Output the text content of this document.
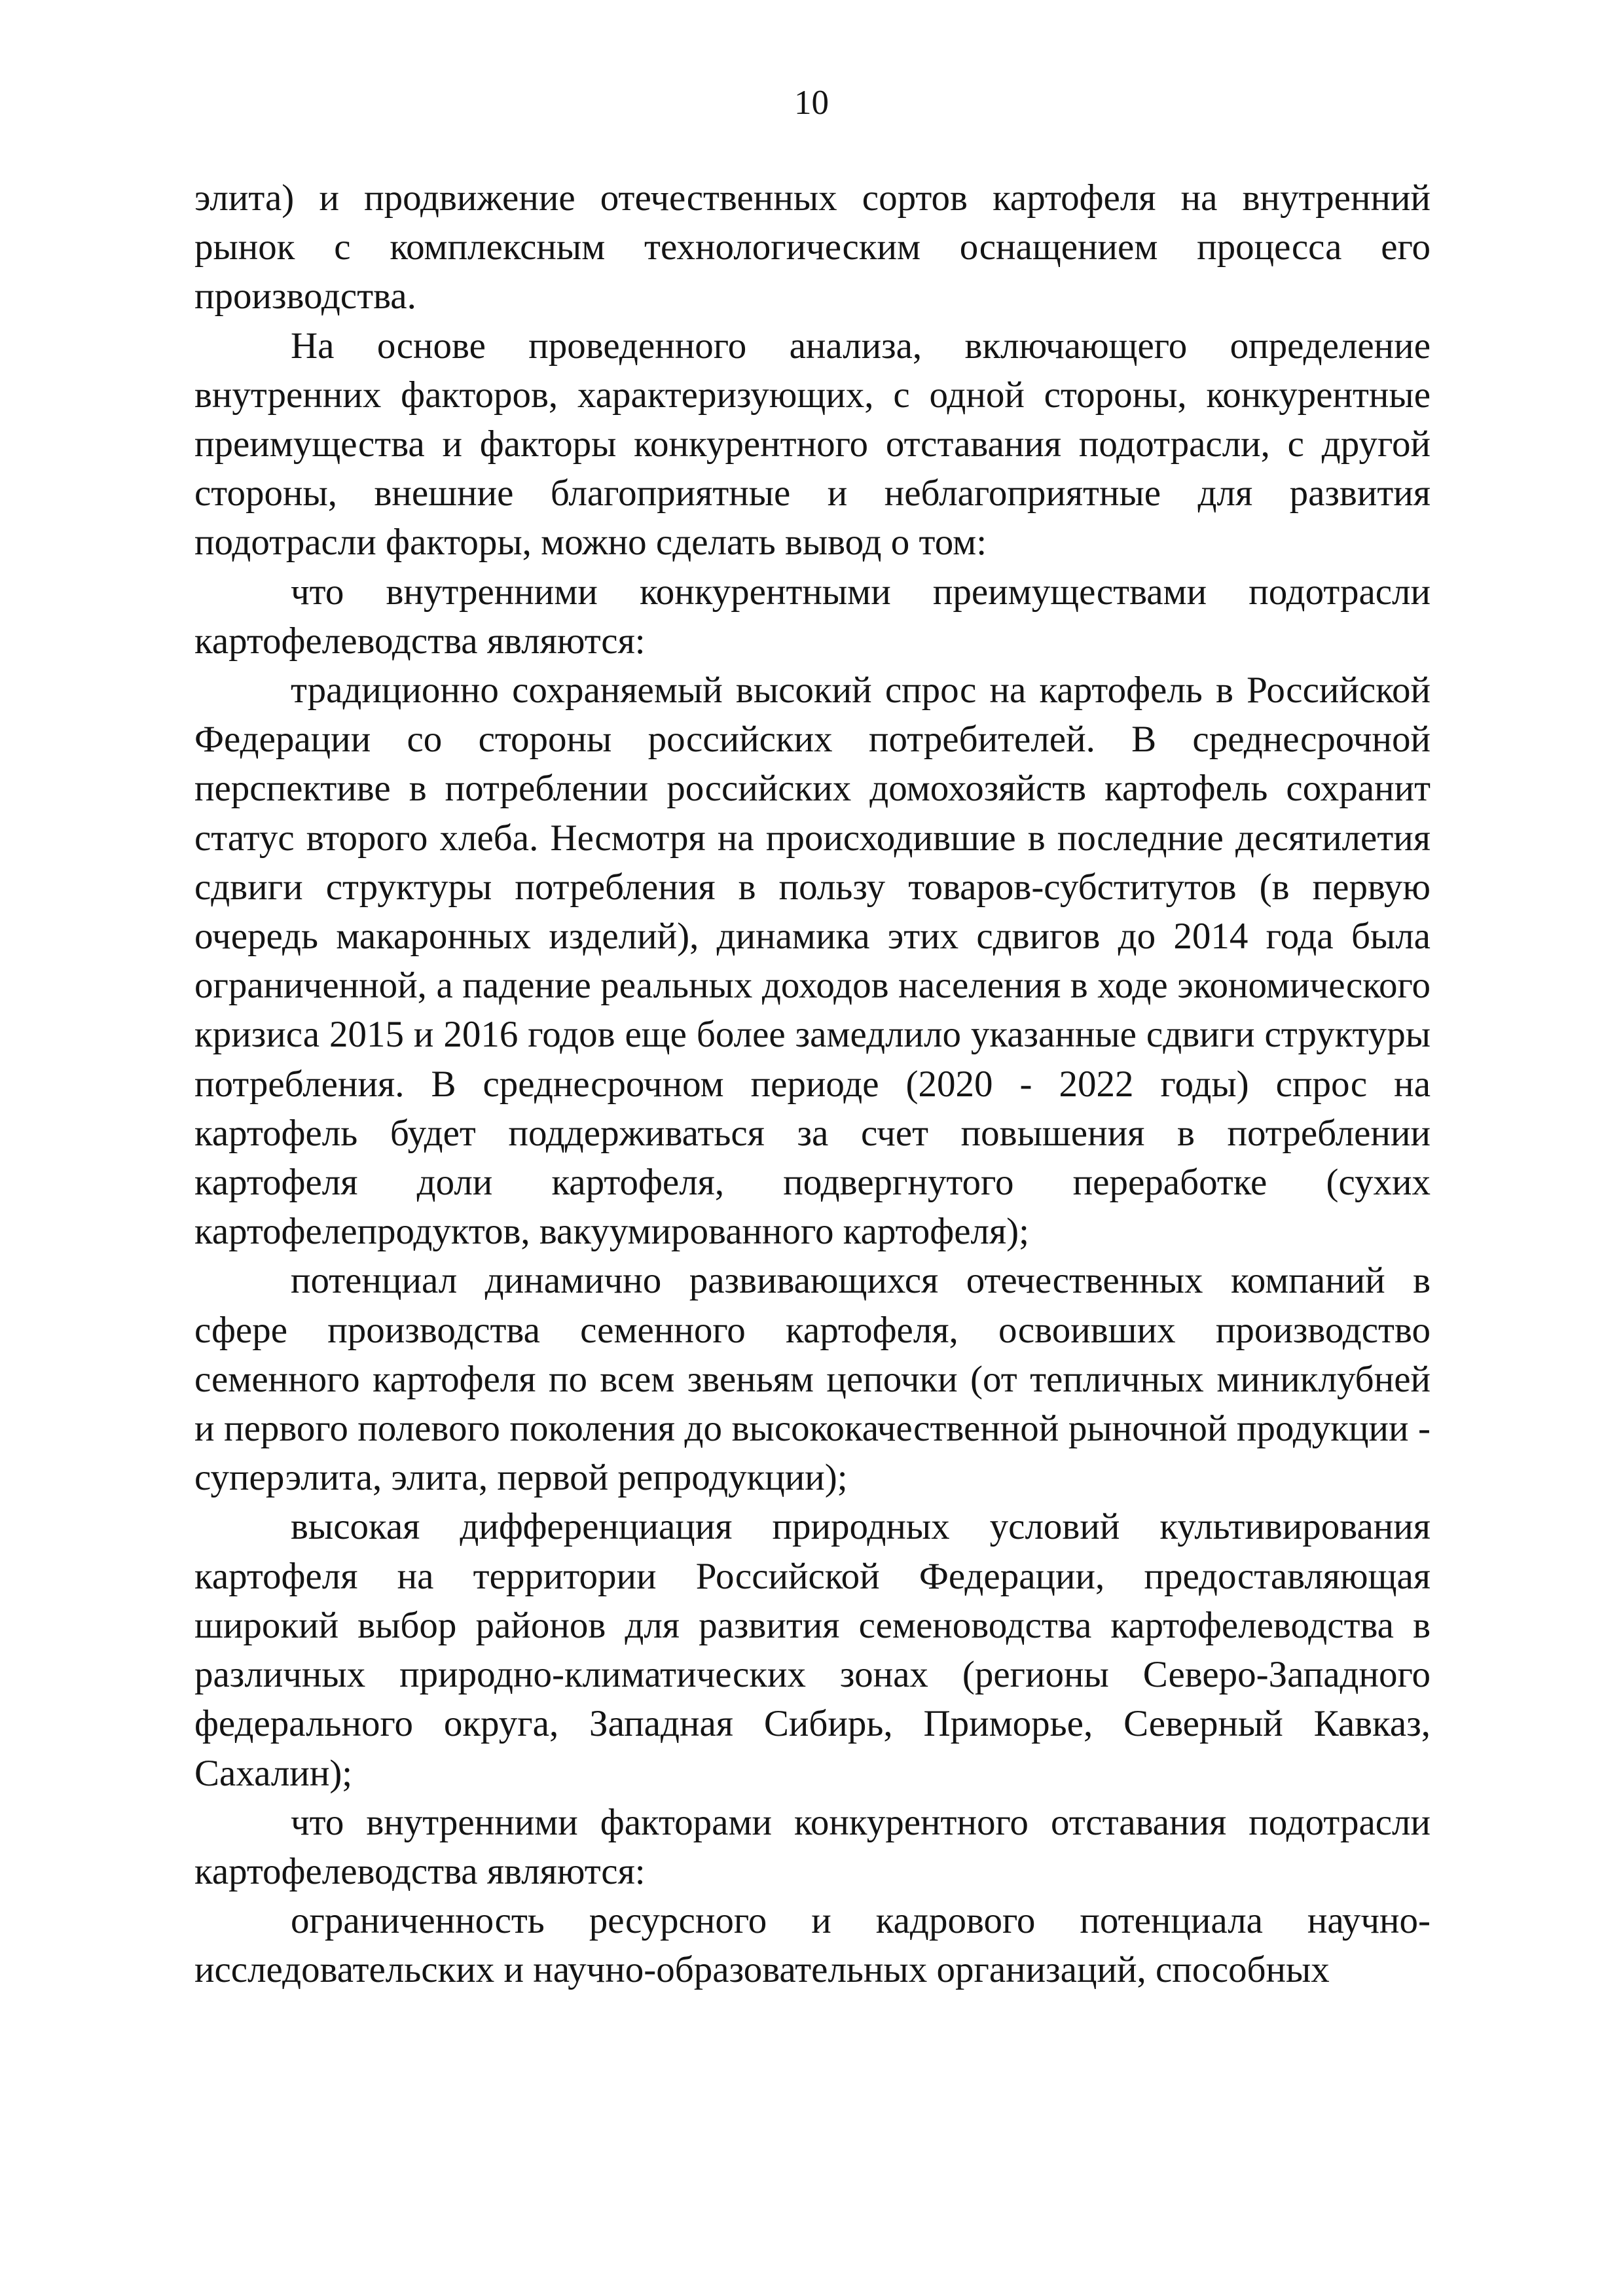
10

элита) и продвижение отечественных сортов картофеля на внутренний рынок с комплексным технологическим оснащением процесса его производства.

На основе проведенного анализа, включающего определение внутренних факторов, характеризующих, с одной стороны, конкурентные преимущества и факторы конкурентного отставания подотрасли, с другой стороны, внешние благоприятные и неблагоприятные для развития подотрасли факторы, можно сделать вывод о том:

что внутренними конкурентными преимуществами подотрасли картофелеводства являются:

традиционно сохраняемый высокий спрос на картофель в Российской Федерации со стороны российских потребителей. В среднесрочной перспективе в потреблении российских домохозяйств картофель сохранит статус второго хлеба. Несмотря на происходившие в последние десятилетия сдвиги структуры потребления в пользу товаров-субститутов (в первую очередь макаронных изделий), динамика этих сдвигов до 2014 года была ограниченной, а падение реальных доходов населения в ходе экономического кризиса 2015 и 2016 годов еще более замедлило указанные сдвиги структуры потребления. В среднесрочном периоде (2020 - 2022 годы) спрос на картофель будет поддерживаться за счет повышения в потреблении картофеля доли картофеля, подвергнутого переработке (сухих картофелепродуктов, вакуумированного картофеля);

потенциал динамично развивающихся отечественных компаний в сфере производства семенного картофеля, освоивших производство семенного картофеля по всем звеньям цепочки (от тепличных миниклубней и первого полевого поколения до высококачественной рыночной продукции - суперэлита, элита, первой репродукции);

высокая дифференциация природных условий культивирования картофеля на территории Российской Федерации, предоставляющая широкий выбор районов для развития семеноводства картофелеводства в различных природно-климатических зонах (регионы Северо-Западного федерального округа, Западная Сибирь, Приморье, Северный Кавказ, Сахалин);

что внутренними факторами конкурентного отставания подотрасли картофелеводства являются:

ограниченность ресурсного и кадрового потенциала научно-исследовательских и научно-образовательных организаций, способных
